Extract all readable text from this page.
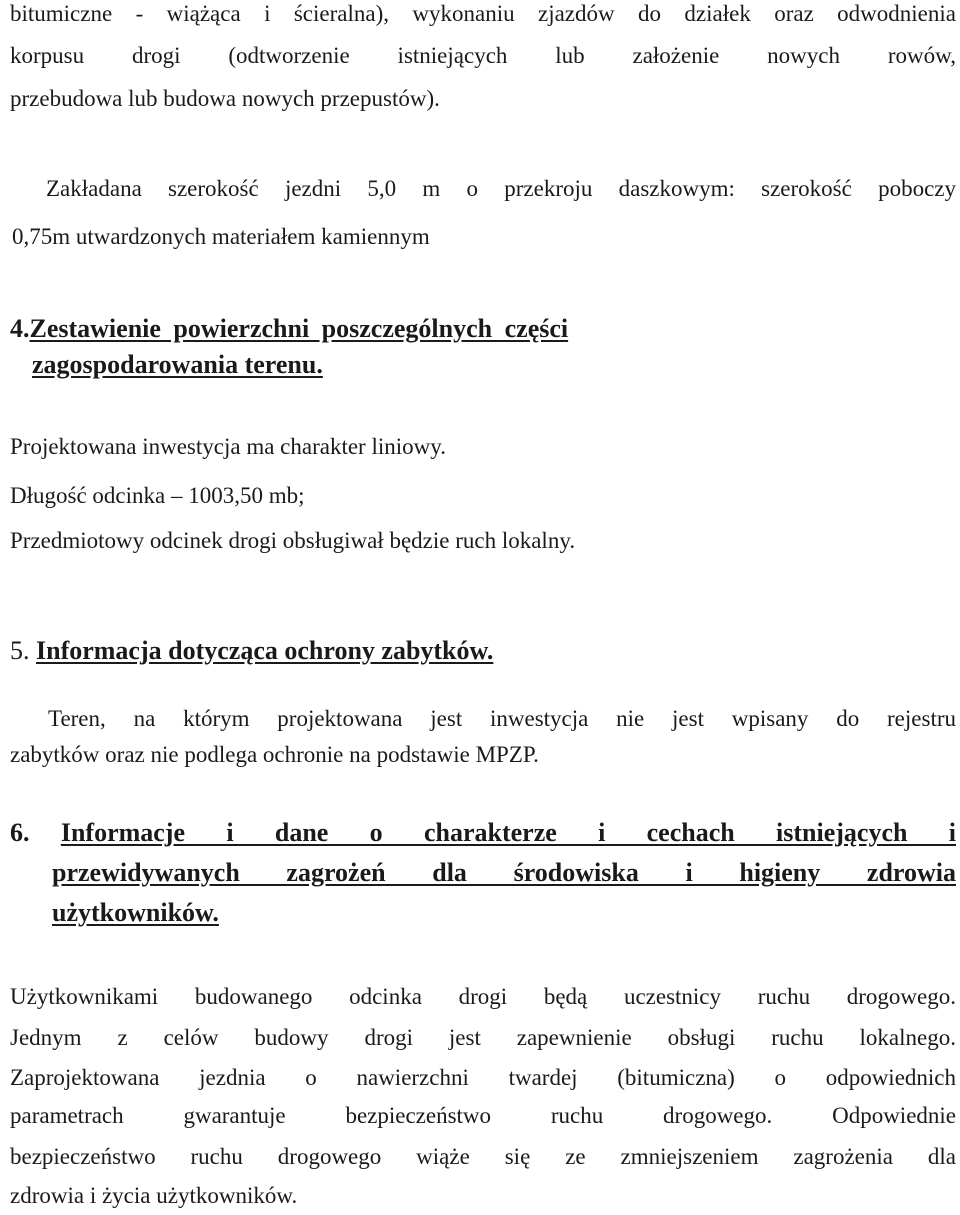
bitumiczne - wiążąca i ścieralna), wykonaniu zjazdów do działek oraz odwodnienia
korpusu drogi (odtworzenie istniejących lub założenie nowych rowów,
przebudowa lub budowa nowych przepustów).
Zakładana szerokość jezdni 5,0 m o przekroju daszkowym: szerokość poboczy
0,75m utwardzonych materiałem kamiennym
4.Zestawienie powierzchni poszczególnych części
zagospodarowania terenu.
Projektowana inwestycja ma charakter liniowy.
Długość odcinka – 1003,50 mb;
Przedmiotowy odcinek drogi obsługiwał będzie ruch lokalny.
5. Informacja dotycząca ochrony zabytków.
Teren, na którym projektowana jest inwestycja nie jest wpisany do rejestru
zabytków oraz nie podlega ochronie na podstawie MPZP.
6. Informacje i dane o charakterze i cechach istniejących i
przewidywanych zagrożeń dla środowiska i higieny zdrowia
użytkowników.
Użytkownikami budowanego odcinka drogi będą uczestnicy ruchu drogowego.
Jednym z celów budowy drogi jest zapewnienie obsługi ruchu lokalnego.
Zaprojektowana jezdnia o nawierzchni twardej (bitumiczna) o odpowiednich
parametrach gwarantuje bezpieczeństwo ruchu drogowego. Odpowiednie
bezpieczeństwo ruchu drogowego wiąże się ze zmniejszeniem zagrożenia dla
zdrowia i życia użytkowników.
